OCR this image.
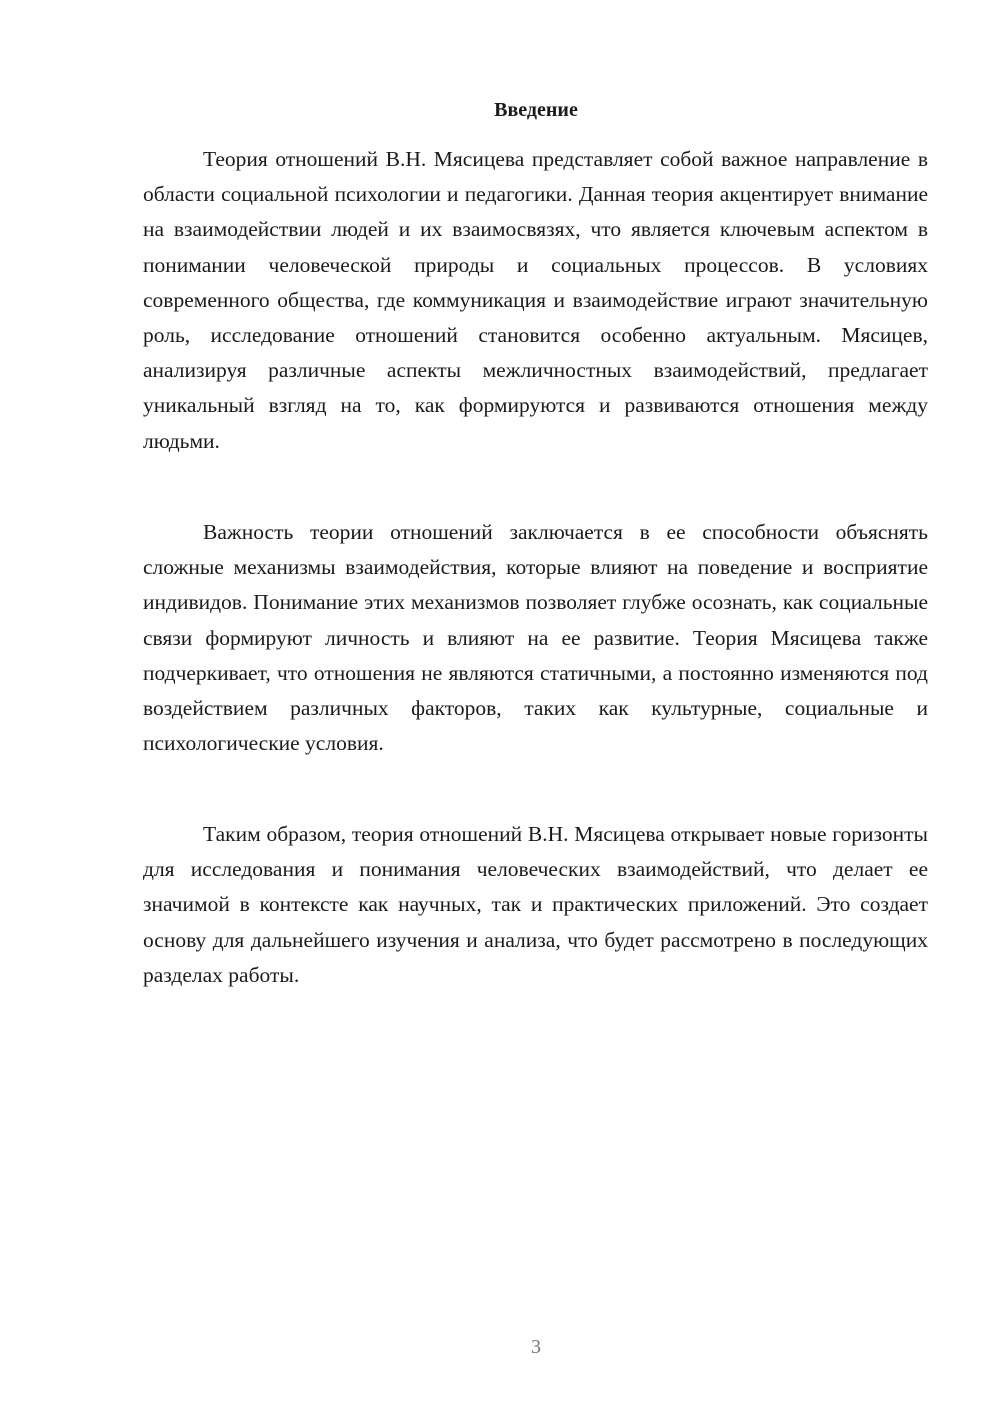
Введение

Теория отношений В.Н. Мясицева представляет собой важное направление в области социальной психологии и педагогики. Данная теория акцентирует внимание на взаимодействии людей и их взаимосвязях, что является ключевым аспектом в понимании человеческой природы и социальных процессов. В условиях современного общества, где коммуникация и взаимодействие играют значительную роль, исследование отношений становится особенно актуальным. Мясицев, анализируя различные аспекты межличностных взаимодействий, предлагает уникальный взгляд на то, как формируются и развиваются отношения между людьми.

Важность теории отношений заключается в ее способности объяснять сложные механизмы взаимодействия, которые влияют на поведение и восприятие индивидов. Понимание этих механизмов позволяет глубже осознать, как социальные связи формируют личность и влияют на ее развитие. Теория Мясицева также подчеркивает, что отношения не являются статичными, а постоянно изменяются под воздействием различных факторов, таких как культурные, социальные и психологические условия.

Таким образом, теория отношений В.Н. Мясицева открывает новые горизонты для исследования и понимания человеческих взаимодействий, что делает ее значимой в контексте как научных, так и практических приложений. Это создает основу для дальнейшего изучения и анализа, что будет рассмотрено в последующих разделах работы.

3
